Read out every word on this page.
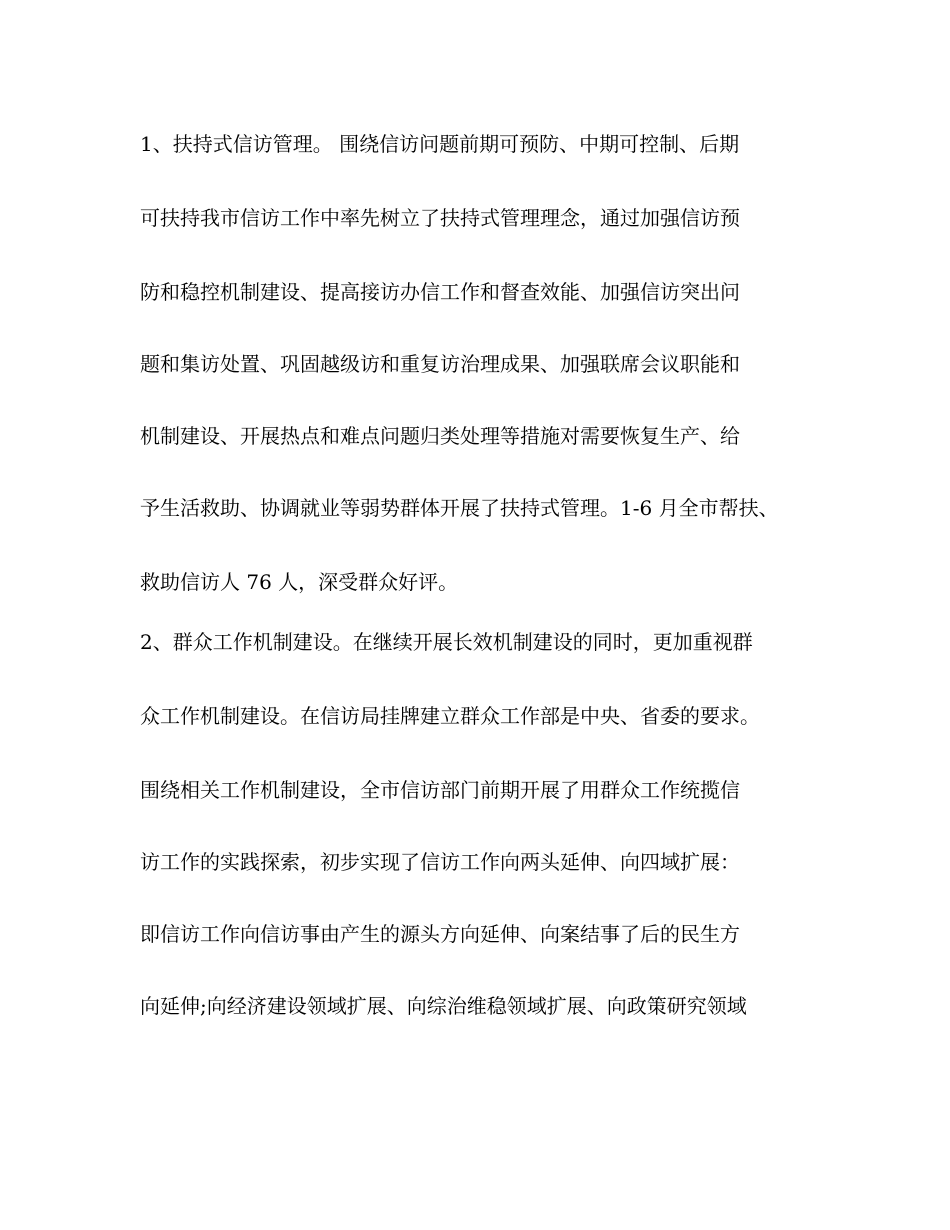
1、扶持式信访管理。 围绕信访问题前期可预防、中期可控制、后期
可扶持我市信访工作中率先树立了扶持式管理理念，通过加强信访预
防和稳控机制建设、提高接访办信工作和督查效能、加强信访突出问
题和集访处置、巩固越级访和重复访治理成果、加强联席会议职能和
机制建设、开展热点和难点问题归类处理等措施对需要恢复生产、给
予生活救助、协调就业等弱势群体开展了扶持式管理。1-6 月全市帮扶、
救助信访人 76 人，深受群众好评。
2、群众工作机制建设。在继续开展长效机制建设的同时，更加重视群
众工作机制建设。在信访局挂牌建立群众工作部是中央、省委的要求。
围绕相关工作机制建设，全市信访部门前期开展了用群众工作统揽信
访工作的实践探索，初步实现了信访工作向两头延伸、向四域扩展：
即信访工作向信访事由产生的源头方向延伸、向案结事了后的民生方
向延伸;向经济建设领域扩展、向综治维稳领域扩展、向政策研究领域
